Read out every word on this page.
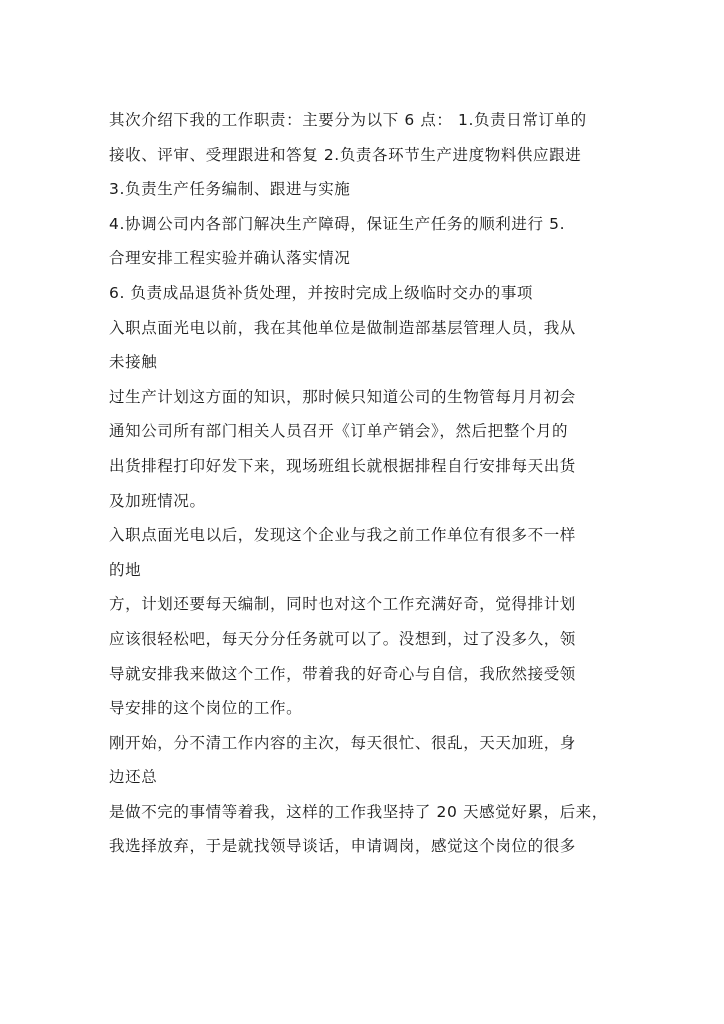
其次介绍下我的工作职责：主要分为以下 6 点： 1.负责日常订单的
接收、评审、受理跟进和答复 2.负责各环节生产进度物料供应跟进
3.负责生产任务编制、跟进与实施
4.协调公司内各部门解决生产障碍，保证生产任务的顺利进行 5.
合理安排工程实验并确认落实情况
6. 负责成品退货补货处理，并按时完成上级临时交办的事项
入职点面光电以前，我在其他单位是做制造部基层管理人员，我从
未接触
过生产计划这方面的知识，那时候只知道公司的生物管每月月初会
通知公司所有部门相关人员召开《订单产销会》，然后把整个月的
出货排程打印好发下来，现场班组长就根据排程自行安排每天出货
及加班情况。
入职点面光电以后，发现这个企业与我之前工作单位有很多不一样
的地
方，计划还要每天编制，同时也对这个工作充满好奇，觉得排计划
应该很轻松吧，每天分分任务就可以了。没想到，过了没多久，领
导就安排我来做这个工作，带着我的好奇心与自信，我欣然接受领
导安排的这个岗位的工作。
刚开始，分不清工作内容的主次，每天很忙、很乱，天天加班，身
边还总
是做不完的事情等着我，这样的工作我坚持了 20 天感觉好累，后来，
我选择放弃，于是就找领导谈话，申请调岗，感觉这个岗位的很多
